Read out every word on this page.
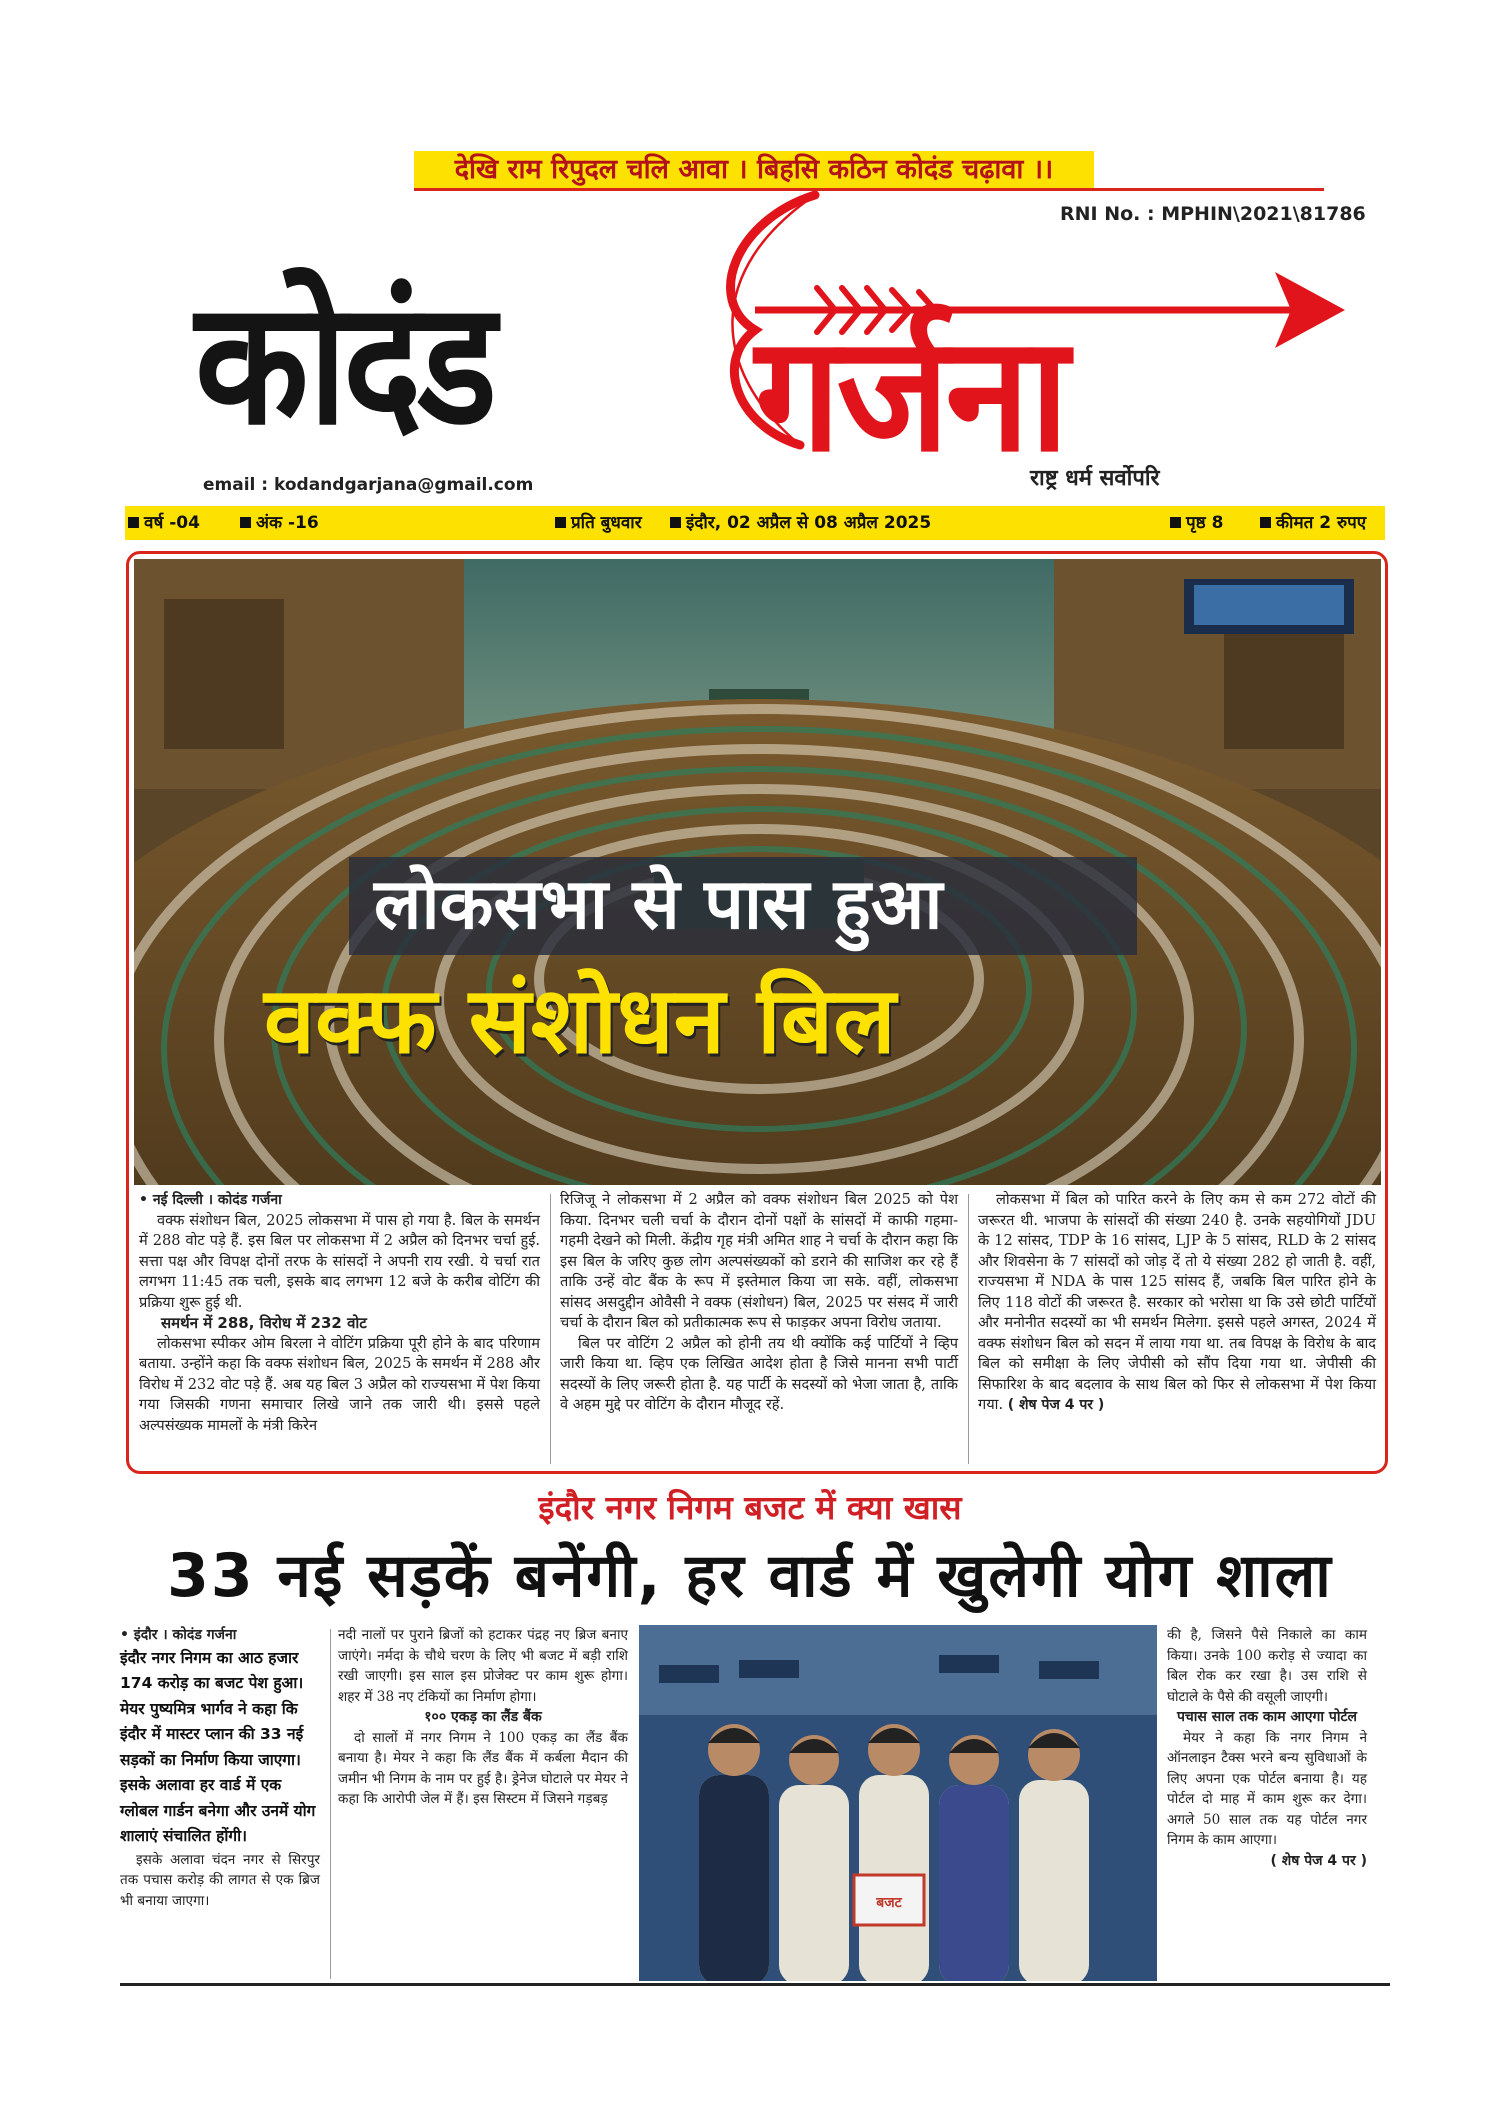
देखि राम रिपुदल चलि आवा । बिहसि कठिन कोदंड चढ़ावा ।।
RNI No. : MPHIN\2021\81786
कोदंड गर्जना
राष्ट्र धर्म सर्वोपरि
email : kodandgarjana@gmail.com
वर्ष -04	अंक -16	प्रति बुधवार	इंदौर, 02 अप्रैल से 08 अप्रैल 2025	पृष्ठ 8	कीमत 2 रुपए
लोकसभा से पास हुआ
वक्फ संशोधन बिल
• नई दिल्ली । कोदंड गर्जना

वक्फ संशोधन बिल, 2025 लोकसभा में पास हो गया है. बिल के समर्थन में 288 वोट पड़े हैं. इस बिल पर लोकसभा में 2 अप्रैल को दिनभर चर्चा हुई. सत्ता पक्ष और विपक्ष दोनों तरफ के सांसदों ने अपनी राय रखी. ये चर्चा रात लगभग 11:45 तक चली, इसके बाद लगभग 12 बजे के करीब वोटिंग की प्रक्रिया शुरू हुई थी.

समर्थन में 288, विरोध में 232 वोट

लोकसभा स्पीकर ओम बिरला ने वोटिंग प्रक्रिया पूरी होने के बाद परिणाम बताया. उन्होंने कहा कि वक्फ संशोधन बिल, 2025 के समर्थन में 288 और विरोध में 232 वोट पड़े हैं. अब यह बिल 3 अप्रैल को राज्यसभा में पेश किया गया जिसकी गणना समाचार लिखे जाने तक जारी थी। इससे पहले अल्पसंख्यक मामलों के मंत्री किरेन

रिजिजू ने लोकसभा में 2 अप्रैल को वक्फ संशोधन बिल 2025 को पेश किया. दिनभर चली चर्चा के दौरान दोनों पक्षों के सांसदों में काफी गहमा-गहमी देखने को मिली. केंद्रीय गृह मंत्री अमित शाह ने चर्चा के दौरान कहा कि इस बिल के जरिए कुछ लोग अल्पसंख्यकों को डराने की साजिश कर रहे हैं ताकि उन्हें वोट बैंक के रूप में इस्तेमाल किया जा सके. वहीं, लोकसभा सांसद असदुद्दीन ओवैसी ने वक्फ (संशोधन) बिल, 2025 पर संसद में जारी चर्चा के दौरान बिल को प्रतीकात्मक रूप से फाड़कर अपना विरोध जताया.

बिल पर वोटिंग 2 अप्रैल को होनी तय थी क्योंकि कई पार्टियों ने व्हिप जारी किया था. व्हिप एक लिखित आदेश होता है जिसे मानना सभी पार्टी सदस्यों के लिए जरूरी होता है. यह पार्टी के सदस्यों को भेजा जाता है, ताकि वे अहम मुद्दे पर वोटिंग के दौरान मौजूद रहें.

लोकसभा में बिल को पारित करने के लिए कम से कम 272 वोटों की जरूरत थी. भाजपा के सांसदों की संख्या 240 है. उनके सहयोगियों JDU के 12 सांसद, TDP के 16 सांसद, LJP के 5 सांसद, RLD के 2 सांसद और शिवसेना के 7 सांसदों को जोड़ दें तो ये संख्या 282 हो जाती है. वहीं, राज्यसभा में NDA के पास 125 सांसद हैं, जबकि बिल पारित होने के लिए 118 वोटों की जरूरत है. सरकार को भरोसा था कि उसे छोटी पार्टियों और मनोनीत सदस्यों का भी समर्थन मिलेगा. इससे पहले अगस्त, 2024 में वक्फ संशोधन बिल को सदन में लाया गया था. तब विपक्ष के विरोध के बाद बिल को समीक्षा के लिए जेपीसी को सौंप दिया गया था. जेपीसी की सिफारिश के बाद बदलाव के साथ बिल को फिर से लोकसभा में पेश किया गया. ( शेष पेज 4 पर )

इंदौर नगर निगम बजट में क्या खास
33 नई सड़कें बनेंगी, हर वार्ड में खुलेगी योग शाला
• इंदौर । कोदंड गर्जना
इंदौर नगर निगम का आठ हजार 174 करोड़ का बजट पेश हुआ। मेयर पुष्यमित्र भार्गव ने कहा कि इंदौर में मास्टर प्लान की 33 नई सड़कों का निर्माण किया जाएगा। इसके अलावा हर वार्ड में एक ग्लोबल गार्डन बनेगा और उनमें योग शालाएं संचालित होंगी।

इसके अलावा चंदन नगर से सिरपुर तक पचास करोड़ की लागत से एक ब्रिज भी बनाया जाएगा।

नदी नालों पर पुराने ब्रिजों को हटाकर पंद्रह नए ब्रिज बनाए जाएंगे। नर्मदा के चौथे चरण के लिए भी बजट में बड़ी राशि रखी जाएगी। इस साल इस प्रोजेक्ट पर काम शुरू होगा। शहर में 38 नए टंकियों का निर्माण होगा।

१०० एकड़ का लैंड बैंक

दो सालों में नगर निगम ने 100 एकड़ का लैंड बैंक बनाया है। मेयर ने कहा कि लैंड बैंक में कर्बला मैदान की जमीन भी निगम के नाम पर हुई है। ड्रेनेज घोटाले पर मेयर ने कहा कि आरोपी जेल में हैं। इस सिस्टम में जिसने गड़बड़

बजट

की है, जिसने पैसे निकाले का काम किया। उनके 100 करोड़ से ज्यादा का बिल रोक कर रखा है। उस राशि से घोटाले के पैसे की वसूली जाएगी।

पचास साल तक काम आएगा पोर्टल

मेयर ने कहा कि नगर निगम ने ऑनलाइन टैक्स भरने बन्य सुविधाओं के लिए अपना एक पोर्टल बनाया है। यह पोर्टल दो माह में काम शुरू कर देगा। अगले 50 साल तक यह पोर्टल नगर निगम के काम आएगा।

( शेष पेज 4 पर )
